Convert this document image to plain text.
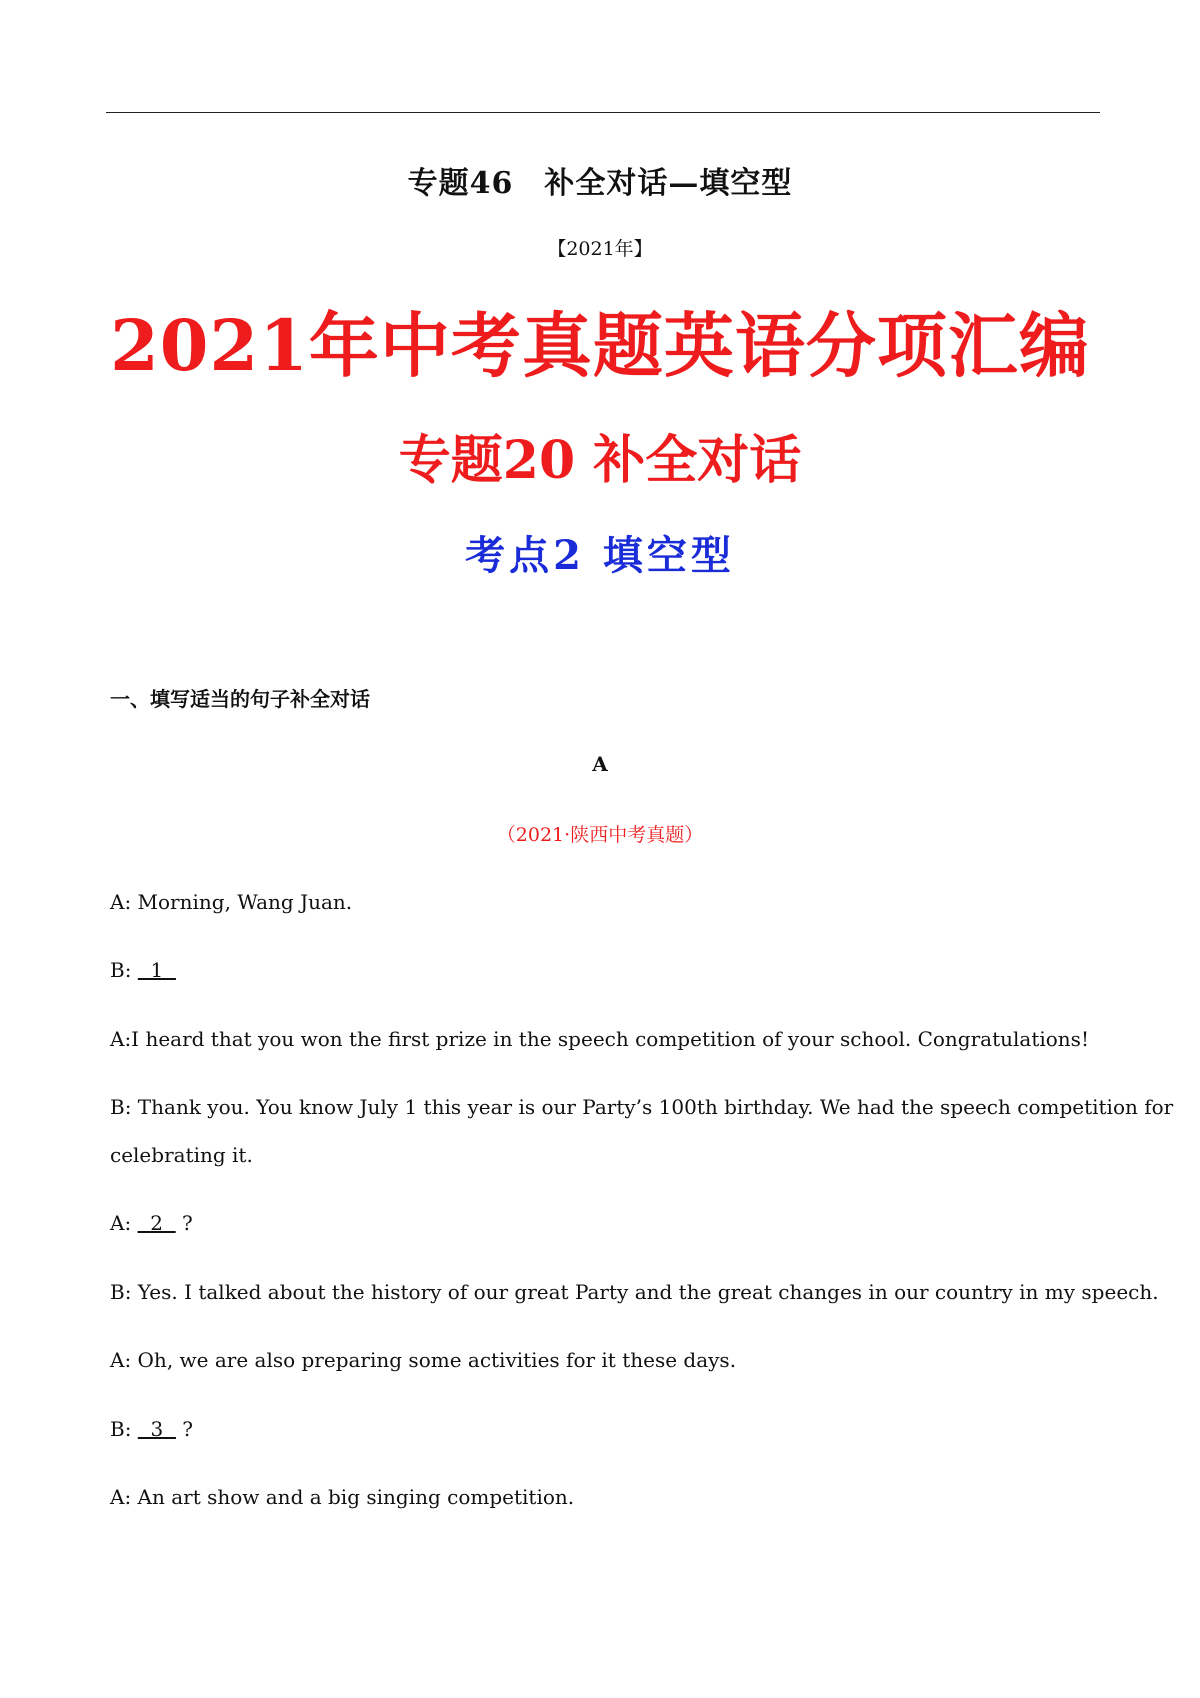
专题46　补全对话—填空型
【2021年】
2021年中考真题英语分项汇编
专题20 补全对话
考点2 填空型
一、填写适当的句子补全对话
A
（2021·陕西中考真题）
A: Morning, Wang Juan.
B:   1
A:I heard that you won the first prize in the speech competition of your school. Congratulations!
B: Thank you. You know July 1 this year is our Party’s 100th birthday. We had the speech competition for
celebrating it.
A:   2   ?
B: Yes. I talked about the history of our great Party and the great changes in our country in my speech.
A: Oh, we are also preparing some activities for it these days.
B:   3   ?
A: An art show and a big singing competition.
